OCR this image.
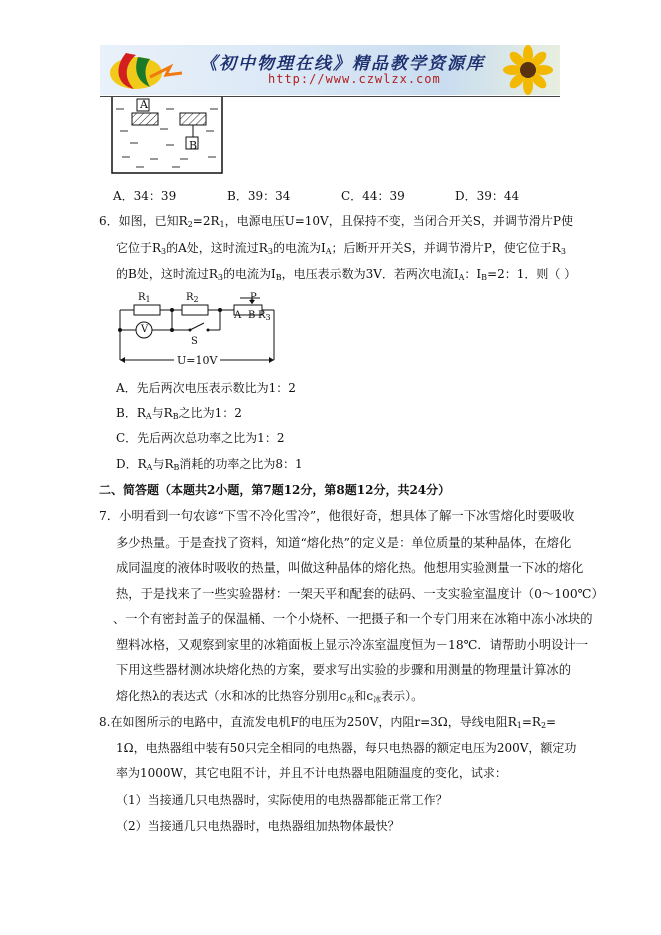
《初中物理在线》精品教学资源库
http://www.czwlzx.com
A
B
A．34：39	B．39：34	C．44：39	D．39：44
6．如图，已知$R_2=2R_1$，电源电压U=10V，且保持不变，当闭合开关S，并调节滑片P使
它位于$R_3$的A处，这时流过$R_3$的电流为$I_A$；后断开开关S，并调节滑片P，使它位于$R_3$
的B处，这时流过$R_3$的电流为$I_B$，电压表示数为3V．若两次电流$I_A$：$I_B=2$：1．则（ ）
$R_1$	$R_2$	P
V
A B $R_3$
S
U=10V
A．先后两次电压表示数比为1：2
B．$R_A$与$R_B$之比为1：2
C．先后两次总功率之比为1：2
D．$R_A$与$R_B$消耗的功率之比为8：1
二、简答题（本题共2小题，第7题12分，第8题12分，共24分）
7．小明看到一句农谚“下雪不冷化雪冷”，他很好奇，想具体了解一下冰雪熔化时要吸收
多少热量。于是查找了资料，知道“熔化热”的定义是：单位质量的某种晶体，在熔化
成同温度的液体时吸收的热量，叫做这种晶体的熔化热。他想用实验测量一下冰的熔化
热，于是找来了一些实验器材：一架天平和配套的砝码、一支实验室温度计（0～100℃）
、一个有密封盖子的保温桶、一个小烧杯、一把摄子和一个专门用来在冰箱中冻小冰块的
塑料冰格，又观察到家里的冰箱面板上显示冷冻室温度恒为－18℃．请帮助小明设计一
下用这些器材测冰块熔化热的方案，要求写出实验的步骤和用测量的物理量计算冰的
熔化热λ的表达式（水和冰的比热容分别用$c_水$和$c_冰$表示）。
8.在如图所示的电路中，直流发电机F的电压为250V，内阻r=3Ω，导线电阻$R_1=R_2=$
1Ω，电热器组中装有50只完全相同的电热器，每只电热器的额定电压为200V，额定功
率为1000W，其它电阻不计，并且不计电热器电阻随温度的变化，试求：
（1）当接通几只电热器时，实际使用的电热器都能正常工作？
（2）当接通几只电热器时，电热器组加热物体最快？
